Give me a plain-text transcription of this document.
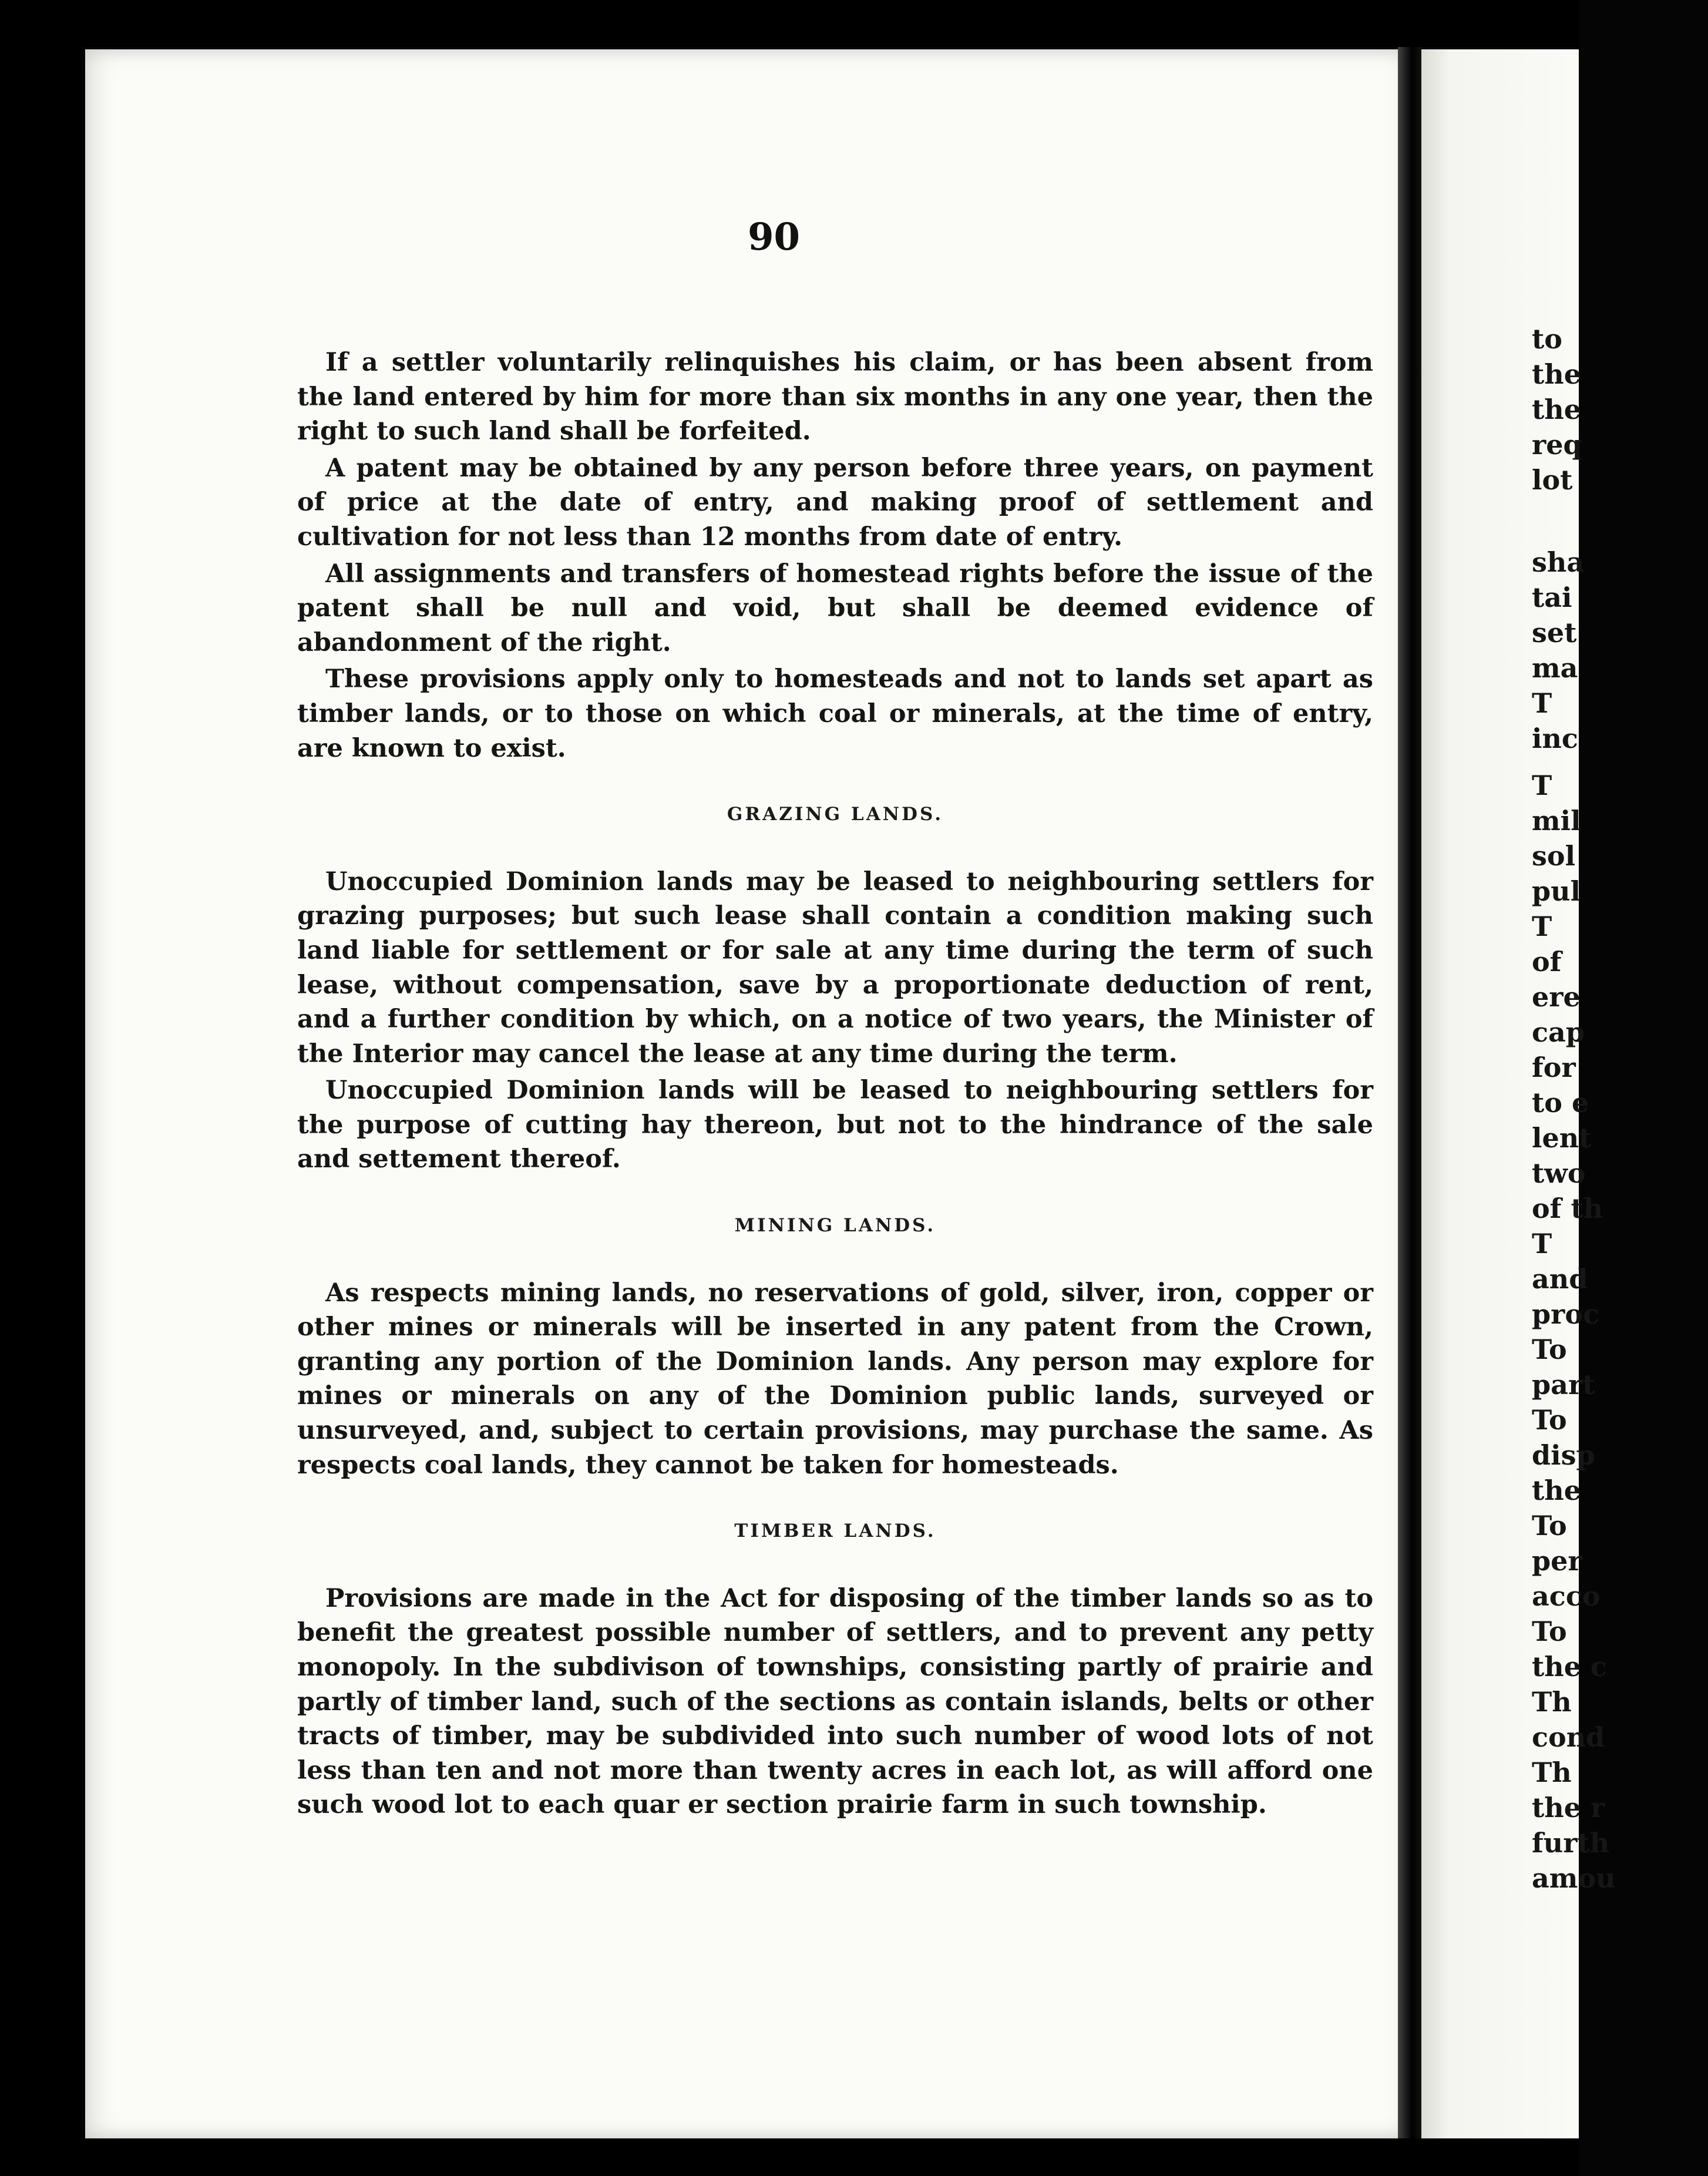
90

If a settler voluntarily relinquishes his claim, or has been absent from the land entered by him for more than six months in any one year, then the right to such land shall be forfeited.

A patent may be obtained by any person before three years, on payment of price at the date of entry, and making proof of settlement and cultivation for not less than 12 months from date of entry.

All assignments and transfers of homestead rights before the issue of the patent shall be null and void, but shall be deemed evidence of abandonment of the right.

These provisions apply only to homesteads and not to lands set apart as timber lands, or to those on which coal or minerals, at the time of entry, are known to exist.

GRAZING LANDS.

Unoccupied Dominion lands may be leased to neighbouring settlers for grazing purposes; but such lease shall contain a condition making such land liable for settlement or for sale at any time during the term of such lease, without compensation, save by a proportionate deduction of rent, and a further condition by which, on a notice of two years, the Minister of the Interior may cancel the lease at any time during the term.

Unoccupied Dominion lands will be leased to neighbouring settlers for the purpose of cutting hay thereon, but not to the hindrance of the sale and settement thereof.

MINING LANDS.

As respects mining lands, no reservations of gold, silver, iron, copper or other mines or minerals will be inserted in any patent from the Crown, granting any portion of the Dominion lands. Any person may explore for mines or minerals on any of the Dominion public lands, surveyed or unsurveyed, and, subject to certain provisions, may purchase the same. As respects coal lands, they cannot be taken for homesteads.

TIMBER LANDS.

Provisions are made in the Act for disposing of the timber lands so as to benefit the greatest possible number of settlers, and to prevent any petty monopoly. In the subdivison of townships, consisting partly of prairie and partly of timber land, such of the sections as contain islands, belts or other tracts of timber, may be subdivided into such number of wood lots of not less than ten and not more than twenty acres in each lot, as will afford one such wood lot to each quar er section prairie farm in such township.

to
the
the
req
lot
sha
tai
set
ma
T
inc
T
mil
sol
pul
T
of
ere
cap
for
to e
lent
two
of th
T
and
proc
To
part
To
disp
the
To
per
acco
To
the c
Th
cond
Th
the r
furth
amou
